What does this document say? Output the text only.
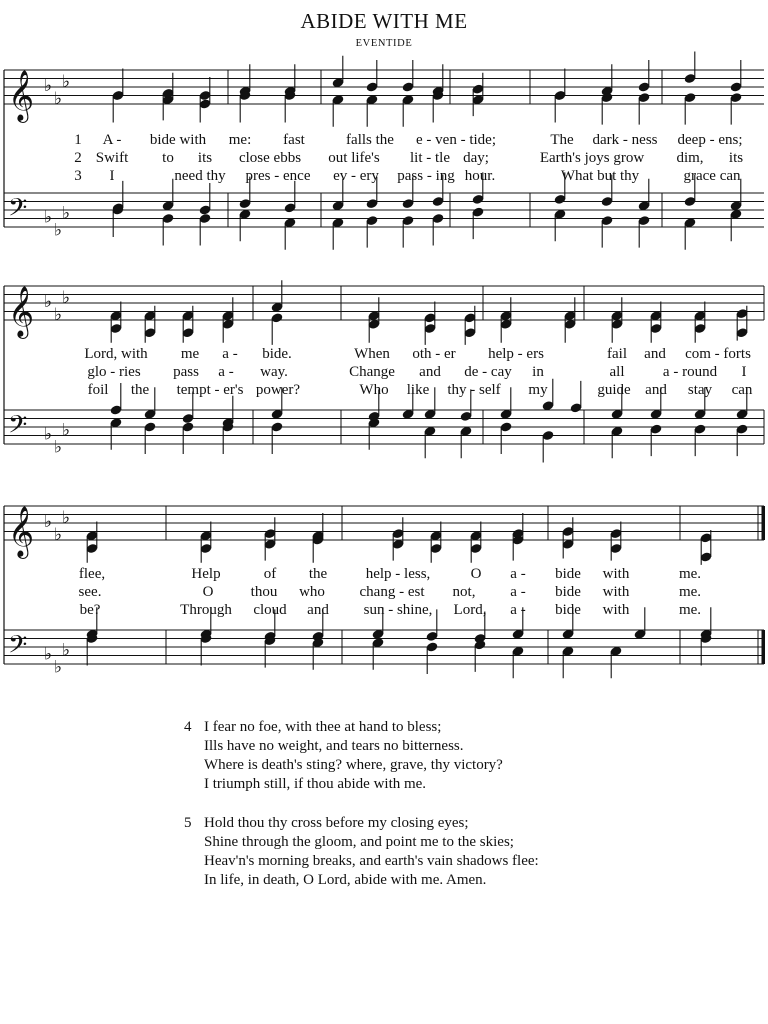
ABIDE WITH ME
EVENTIDE
𝄞
𝄢
♭
♭
♭
♭
♭
♭
1 A - bide with me: fast	falls the e - ven - tide;	The dark - ness deep - ens;
2 Swift to its close ebbs out life's lit - tle day;	Earth's joys grow dim, its
3 I	need thy pres - ence ev - ery pass - ing hour.	What but thy	grace can
𝄞
𝄢
♭
♭
♭
♭
♭
♭
Lord, with me a - bide.	When oth - er help - ers	fail and com - forts
glo - ries pass a - way.	Change and de - cay in	all	a - round I
foil the tempt - er's power?	Who like thy - self my	guide and stay can
𝄞
𝄢
♭
♭
♭
♭
♭
♭
flee,	Help	of the	help - less,	O a - bide with	me.
see.	O thou who chang - est not, a - bide with	me.
be?	Through cloud and sun - shine, Lord, a - bide with	me.
4 I fear no foe, with thee at hand to bless;
Ills have no weight, and tears no bitterness.
Where is death's sting? where, grave, thy victory?
I triumph still, if thou abide with me.
5 Hold thou thy cross before my closing eyes;
Shine through the gloom, and point me to the skies;
Heav'n's morning breaks, and earth's vain shadows flee:
In life, in death, O Lord, abide with me. Amen.
